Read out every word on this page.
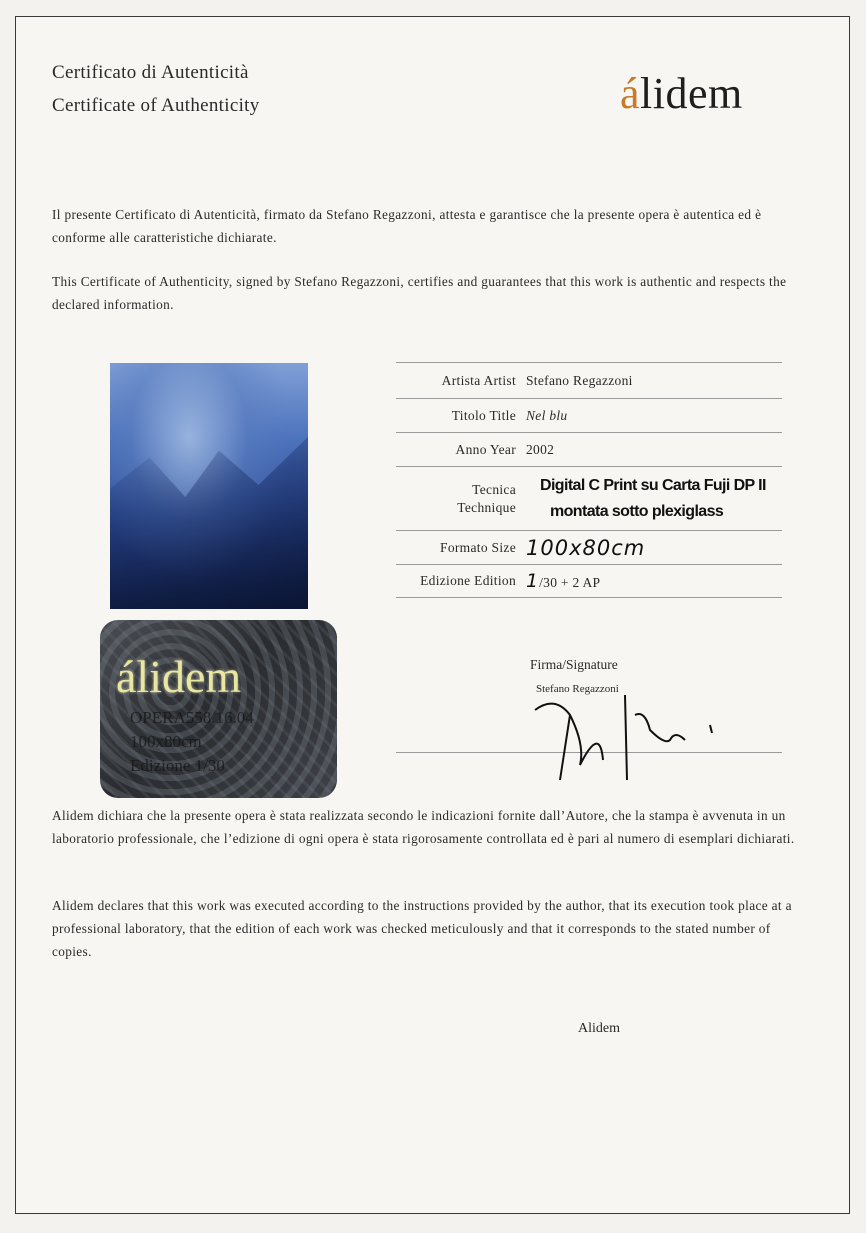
Certificato di Autenticità
Certificate of Authenticity	álidem
Il presente Certificato di Autenticità, firmato da Stefano Regazzoni, attesta e garantisce che la presente opera è autentica ed è conforme alle caratteristiche dichiarate.
This Certificate of Authenticity, signed by Stefano Regazzoni, certifies and guarantees that this work is authentic and respects the declared information.
álidem
OPERA558.16.04
100x80cm
Edizione 1/30
Artista Artist Stefano Regazzoni
Titolo Title Nel blu
Anno Year 2002
Tecnica
Technique
Digital C Print su Carta Fuji DP II
montata sotto plexiglass
Formato Size 100x80cm
Edizione Edition 1/30 + 2 AP
Firma/Signature
Stefano Regazzoni
Alidem dichiara che la presente opera è stata realizzata secondo le indicazioni fornite dall’Autore, che la stampa è avvenuta in un laboratorio professionale, che l’edizione di ogni opera è stata rigorosamente controllata ed è pari al numero di esemplari dichiarati.
Alidem declares that this work was executed according to the instructions provided by the author, that its execution took place at a professional laboratory, that the edition of each work was checked meticulously and that it corresponds to the stated number of copies.
Alidem
